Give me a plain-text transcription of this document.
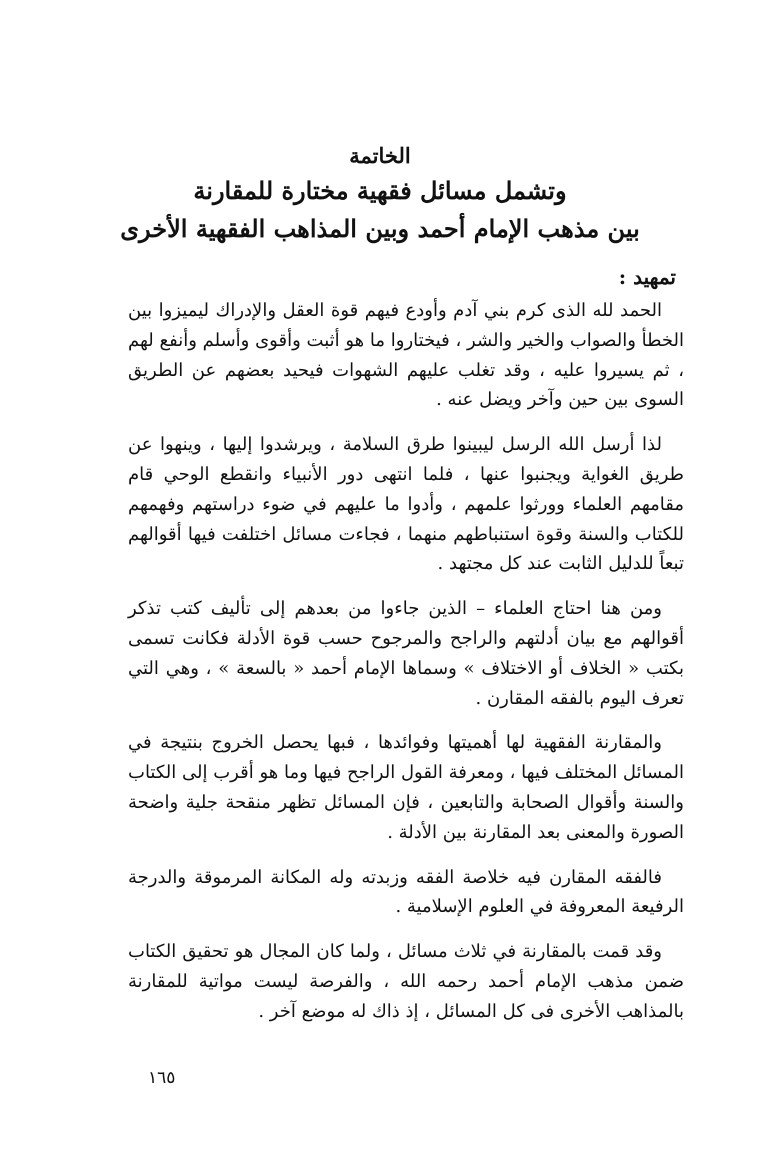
الخاتمة
وتشمل مسائل فقهية مختارة للمقارنة
بين مذهب الإمام أحمد وبين المذاهب الفقهية الأخرى
تمهيد :

الحمد لله الذى كرم بني آدم وأودع فيهم قوة العقل والإدراك ليميزوا بين الخطأ والصواب والخير والشر ، فيختاروا ما هو أثبت وأقوى وأسلم وأنفع لهم ، ثم يسيروا عليه ، وقد تغلب عليهم الشهوات فيحيد بعضهم عن الطريق السوى بين حين وآخر ويضل عنه .

لذا أرسل الله الرسل ليبينوا طرق السلامة ، ويرشدوا إليها ، وينهوا عن طريق الغواية ويجنبوا عنها ، فلما انتهى دور الأنبياء وانقطع الوحي قام مقامهم العلماء وورثوا علمهم ، وأدوا ما عليهم في ضوء دراستهم وفهمهم للكتاب والسنة وقوة استنباطهم منهما ، فجاءت مسائل اختلفت فيها أقوالهم تبعاً للدليل الثابت عند كل مجتهد .

ومن هنا احتاج العلماء – الذين جاءوا من بعدهم إلى تأليف كتب تذكر أقوالهم مع بيان أدلتهم والراجح والمرجوح حسب قوة الأدلة فكانت تسمى بكتب « الخلاف أو الاختلاف » وسماها الإمام أحمد « بالسعة » ، وهي التي تعرف اليوم بالفقه المقارن .

والمقارنة الفقهية لها أهميتها وفوائدها ، فبها يحصل الخروج بنتيجة في المسائل المختلف فيها ، ومعرفة القول الراجح فيها وما هو أقرب إلى الكتاب والسنة وأقوال الصحابة والتابعين ، فإن المسائل تظهر منقحة جلية واضحة الصورة والمعنى بعد المقارنة بين الأدلة .

فالفقه المقارن فيه خلاصة الفقه وزبدته وله المكانة المرموقة والدرجة الرفيعة المعروفة في العلوم الإسلامية .

وقد قمت بالمقارنة في ثلاث مسائل ، ولما كان المجال هو تحقيق الكتاب ضمن مذهب الإمام أحمد رحمه الله ، والفرصة ليست مواتية للمقارنة بالمذاهب الأخرى فى كل المسائل ، إذ ذاك له موضع آخر .

١٦٥
